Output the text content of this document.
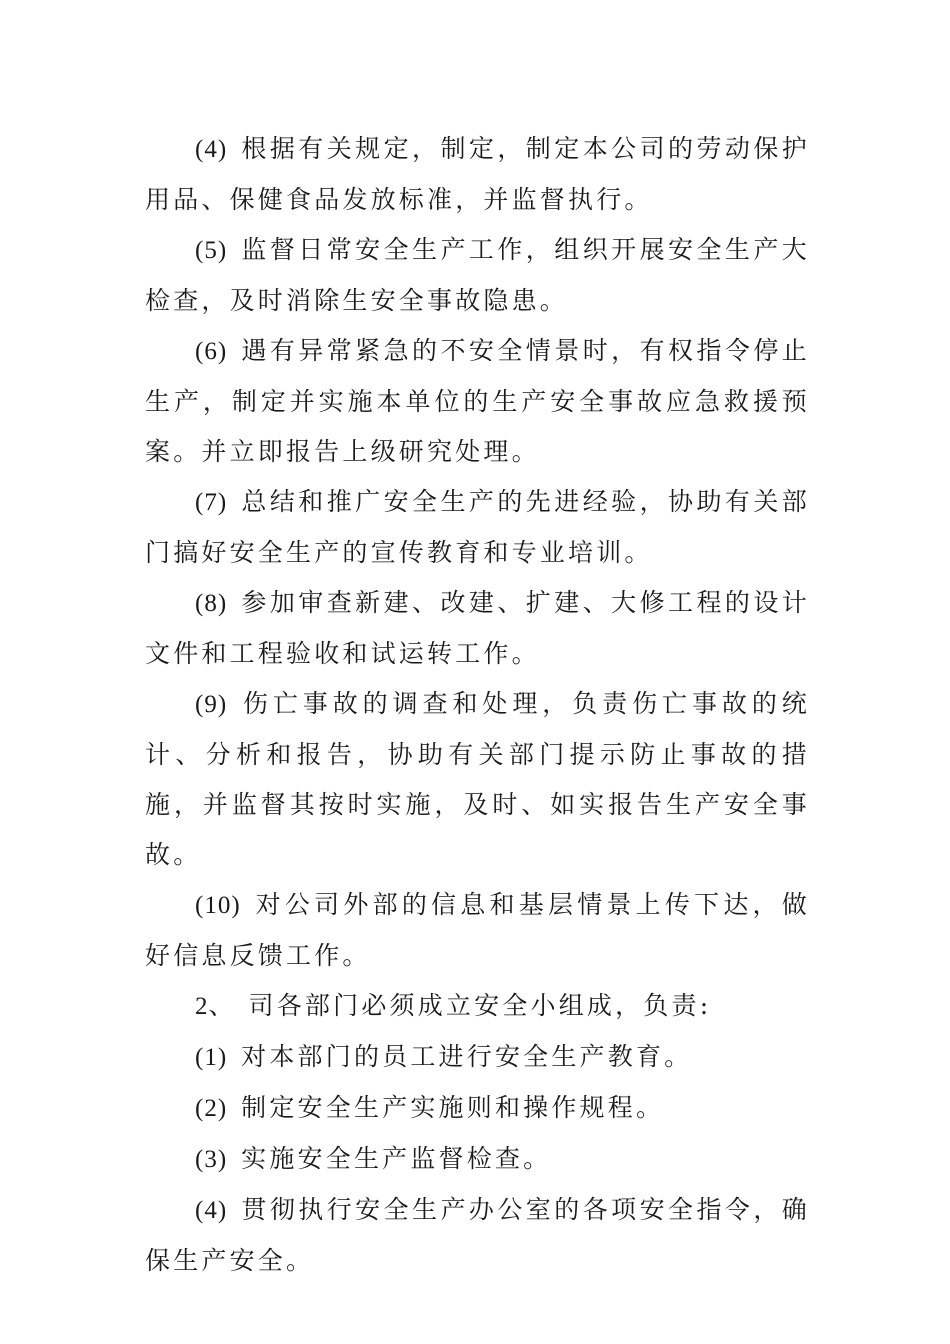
(4) 根据有关规定，制定，制定本公司的劳动保护用品、保健食品发放标准，并监督执行。

(5) 监督日常安全生产工作，组织开展安全生产大检查，及时消除生安全事故隐患。

(6) 遇有异常紧急的不安全情景时，有权指令停止生产，制定并实施本单位的生产安全事故应急救援预案。并立即报告上级研究处理。

(7) 总结和推广安全生产的先进经验，协助有关部门搞好安全生产的宣传教育和专业培训。

(8) 参加审查新建、改建、扩建、大修工程的设计文件和工程验收和试运转工作。

(9) 伤亡事故的调查和处理，负责伤亡事故的统计、分析和报告，协助有关部门提示防止事故的措施，并监督其按时实施，及时、如实报告生产安全事故。

(10) 对公司外部的信息和基层情景上传下达，做好信息反馈工作。

2、 司各部门必须成立安全小组成，负责:

(1) 对本部门的员工进行安全生产教育。

(2) 制定安全生产实施则和操作规程。

(3) 实施安全生产监督检查。

(4) 贯彻执行安全生产办公室的各项安全指令，确保生产安全。
